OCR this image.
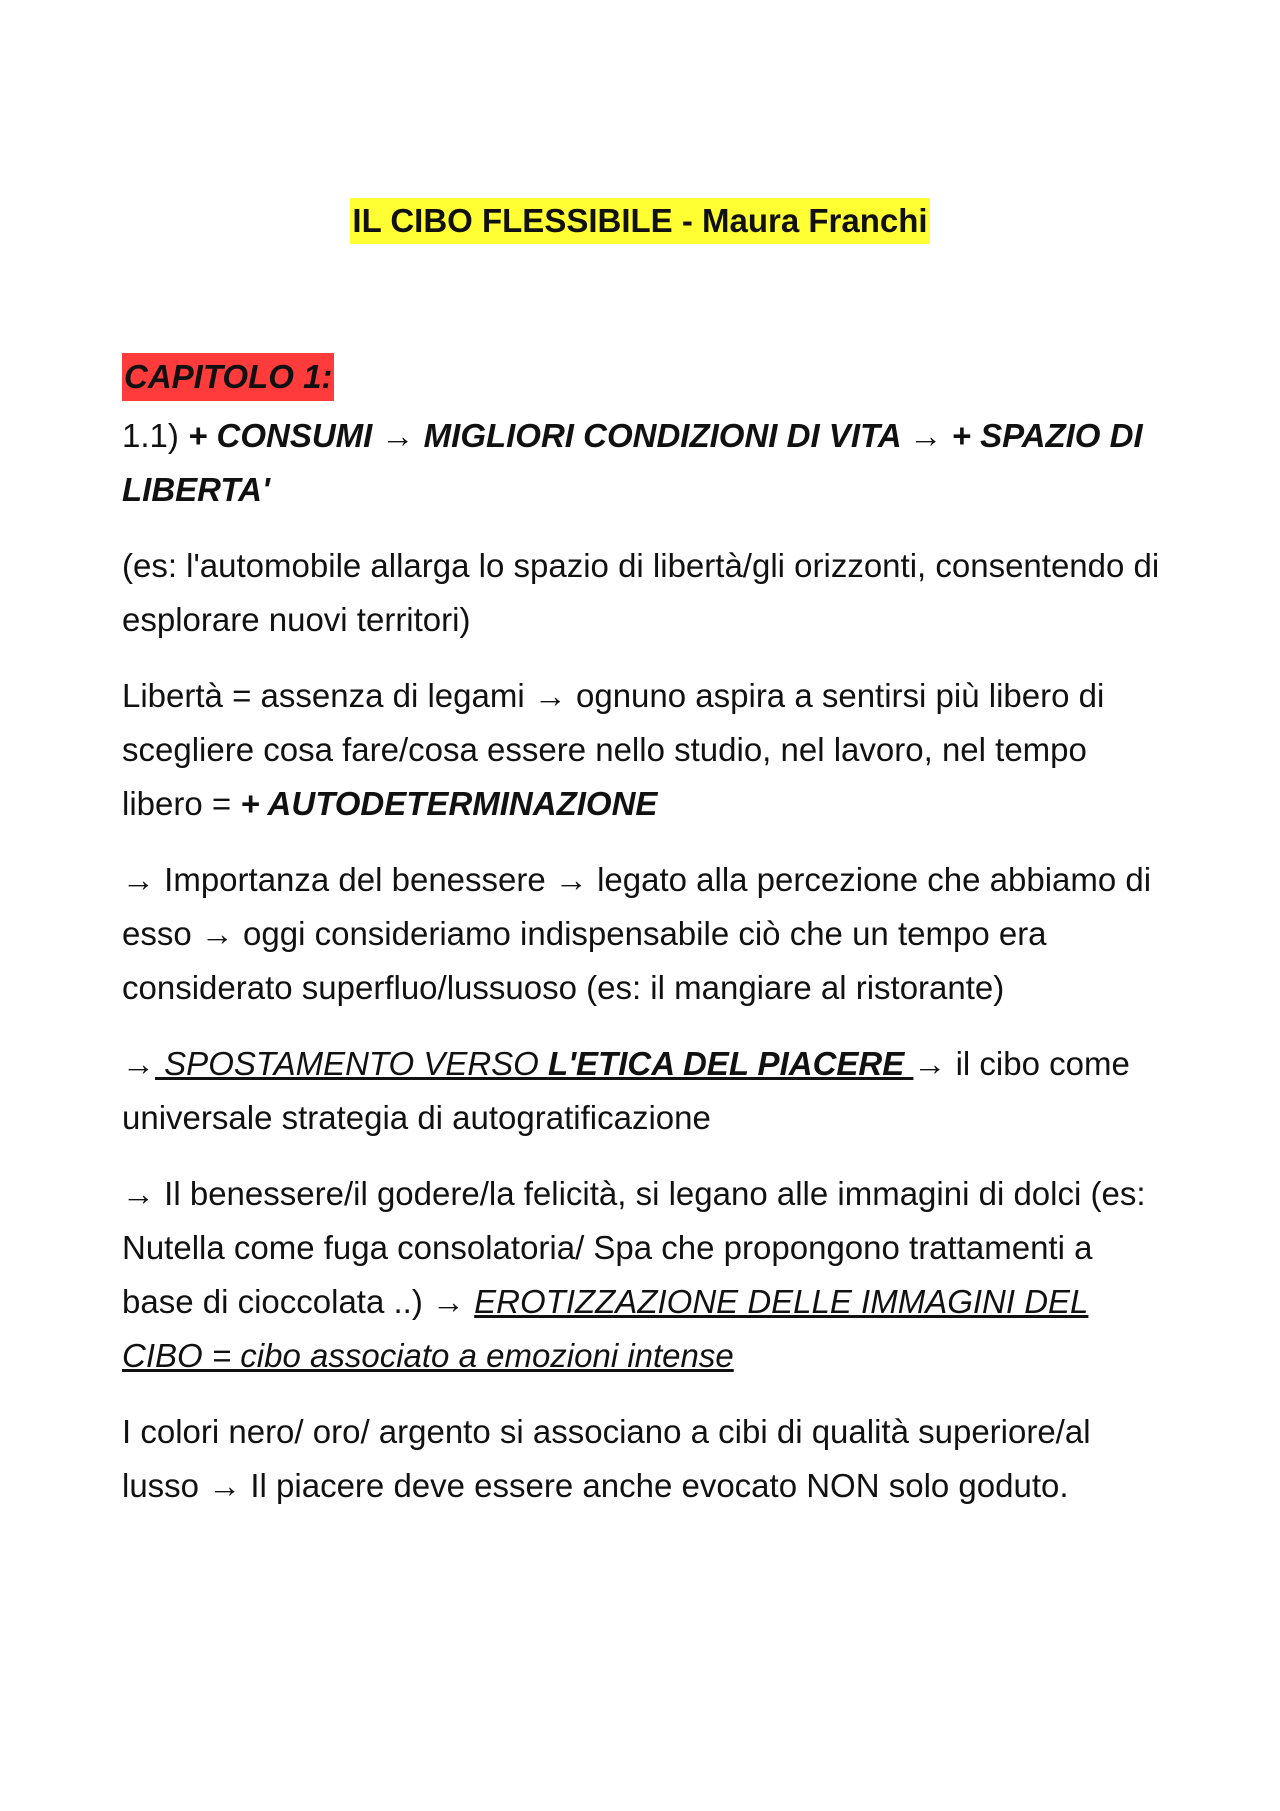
IL CIBO FLESSIBILE - Maura Franchi
CAPITOLO 1:

1.1) + CONSUMI → MIGLIORI CONDIZIONI DI VITA → + SPAZIO DI LIBERTA'

(es: l'automobile allarga lo spazio di libertà/gli orizzonti, consentendo di esplorare nuovi territori)

Libertà = assenza di legami → ognuno aspira a sentirsi più libero di scegliere cosa fare/cosa essere nello studio, nel lavoro, nel tempo libero = + AUTODETERMINAZIONE

→ Importanza del benessere → legato alla percezione che abbiamo di esso → oggi consideriamo indispensabile ciò che un tempo era considerato superfluo/lussuoso (es: il mangiare al ristorante)

→ SPOSTAMENTO VERSO L'ETICA DEL PIACERE → il cibo come universale strategia di autogratificazione

→ Il benessere/il godere/la felicità, si legano alle immagini di dolci (es: Nutella come fuga consolatoria/ Spa che propongono trattamenti a base di cioccolata ..) → EROTIZZAZIONE DELLE IMMAGINI DEL CIBO = cibo associato a emozioni intense

I colori nero/ oro/ argento si associano a cibi di qualità superiore/al lusso → Il piacere deve essere anche evocato NON solo goduto.
